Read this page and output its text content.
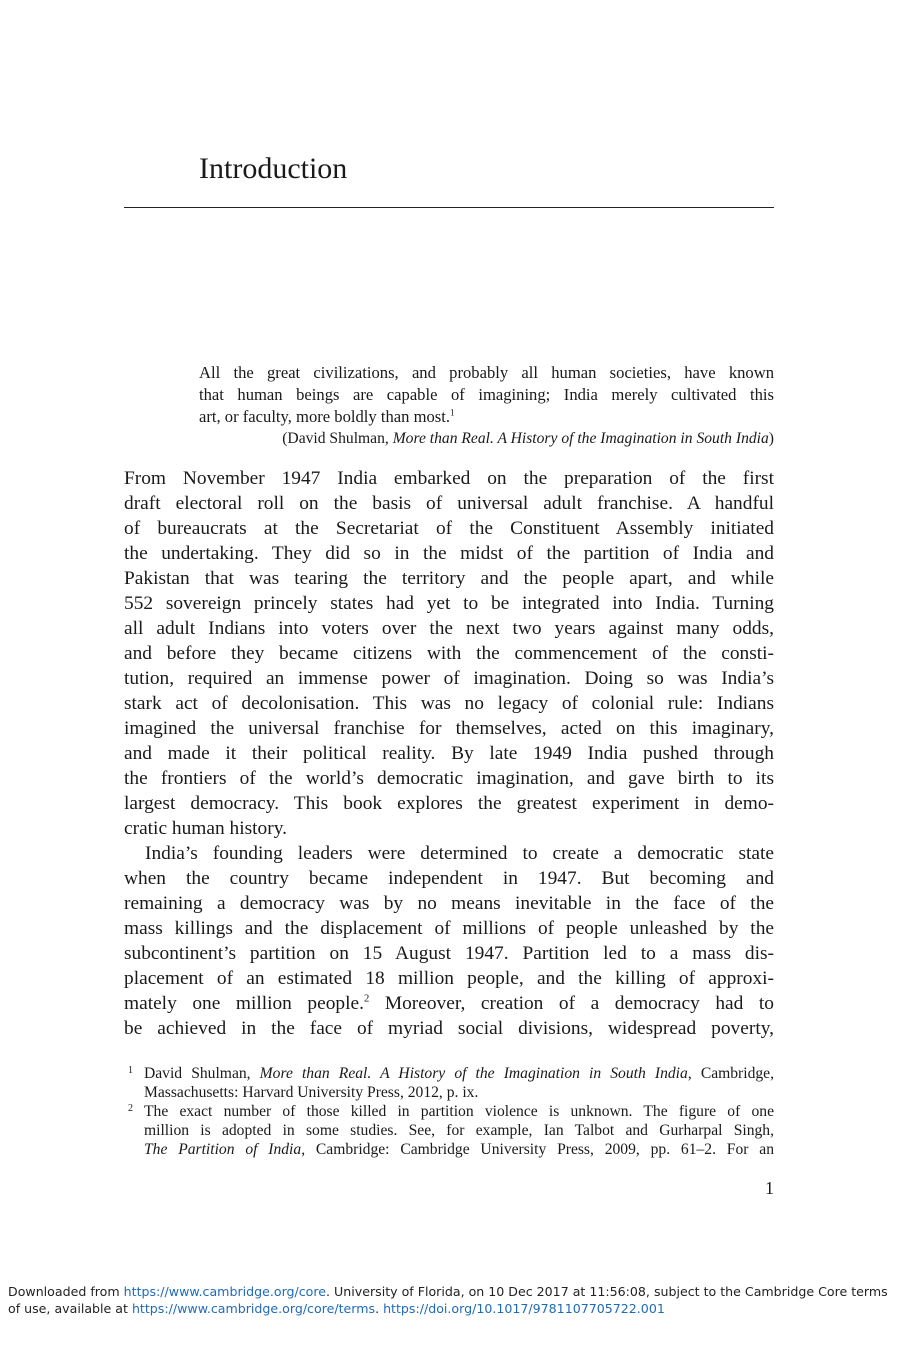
Introduction
All the great civilizations, and probably all human societies, have known
that human beings are capable of imagining; India merely cultivated this
art, or faculty, more boldly than most.$^1$
(David Shulman, More than Real. A History of the Imagination in South India)

From November 1947 India embarked on the preparation of the first
draft electoral roll on the basis of universal adult franchise. A handful
of bureaucrats at the Secretariat of the Constituent Assembly initiated
the undertaking. They did so in the midst of the partition of India and
Pakistan that was tearing the territory and the people apart, and while
552 sovereign princely states had yet to be integrated into India. Turning
all adult Indians into voters over the next two years against many odds,
and before they became citizens with the commencement of the consti-
tution, required an immense power of imagination. Doing so was India’s
stark act of decolonisation. This was no legacy of colonial rule: Indians
imagined the universal franchise for themselves, acted on this imaginary,
and made it their political reality. By late 1949 India pushed through
the frontiers of the world’s democratic imagination, and gave birth to its
largest democracy. This book explores the greatest experiment in demo-
cratic human history.

India’s founding leaders were determined to create a democratic state
when the country became independent in 1947. But becoming and
remaining a democracy was by no means inevitable in the face of the
mass killings and the displacement of millions of people unleashed by the
subcontinent’s partition on 15 August 1947. Partition led to a mass dis-
placement of an estimated 18 million people, and the killing of approxi-
mately one million people.$^2$ Moreover, creation of a democracy had to
be achieved in the face of myriad social divisions, widespread poverty,

1 David Shulman, More than Real. A History of the Imagination in South India, Cambridge,
Massachusetts: Harvard University Press, 2012, p. ix.
2 The exact number of those killed in partition violence is unknown. The figure of one
million is adopted in some studies. See, for example, Ian Talbot and Gurharpal Singh,
The Partition of India, Cambridge: Cambridge University Press, 2009, pp. 61–2. For an
1
Downloaded from https://www.cambridge.org/core. University of Florida, on 10 Dec 2017 at 11:56:08, subject to the Cambridge Core terms
of use, available at https://www.cambridge.org/core/terms. https://doi.org/10.1017/9781107705722.001
